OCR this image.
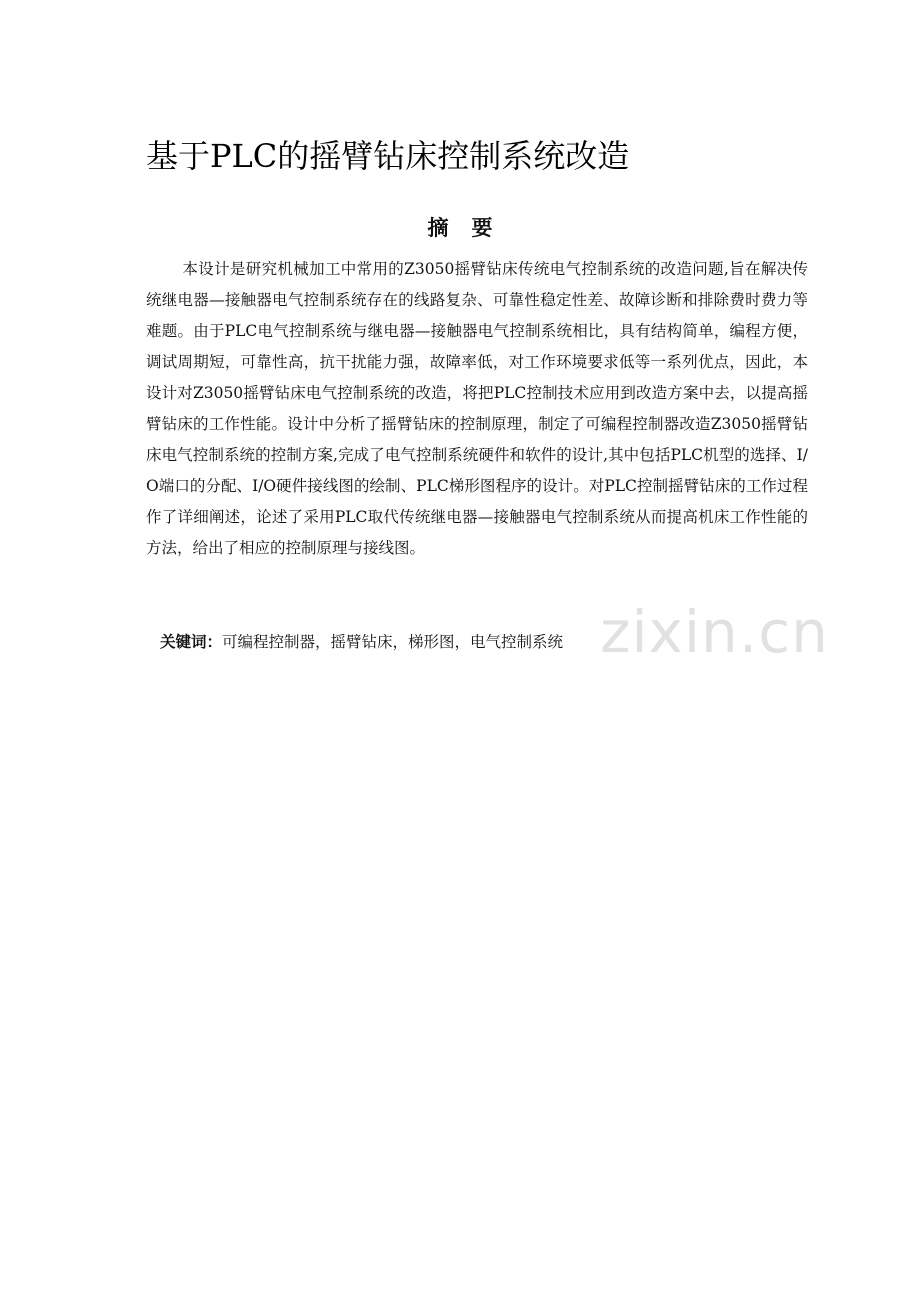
基于PLC的摇臂钻床控制系统改造
摘要
本设计是研究机械加工中常用的Z3050摇臂钻床传统电气控制系统的改造问题,旨在解决传统继电器—接触器电气控制系统存在的线路复杂、可靠性稳定性差、故障诊断和排除费时费力等难题。由于PLC电气控制系统与继电器—接触器电气控制系统相比，具有结构简单，编程方便，调试周期短，可靠性高，抗干扰能力强，故障率低，对工作环境要求低等一系列优点，因此，本设计对Z3050摇臂钻床电气控制系统的改造，将把PLC控制技术应用到改造方案中去，以提高摇臂钻床的工作性能。设计中分析了摇臂钻床的控制原理，制定了可编程控制器改造Z3050摇臂钻床电气控制系统的控制方案,完成了电气控制系统硬件和软件的设计,其中包括PLC机型的选择、I/O端口的分配、I/O硬件接线图的绘制、PLC梯形图程序的设计。对PLC控制摇臂钻床的工作过程作了详细阐述，论述了采用PLC取代传统继电器—接触器电气控制系统从而提高机床工作性能的方法，给出了相应的控制原理与接线图。
关键词：可编程控制器，摇臂钻床，梯形图，电气控制系统 zixin.cn
